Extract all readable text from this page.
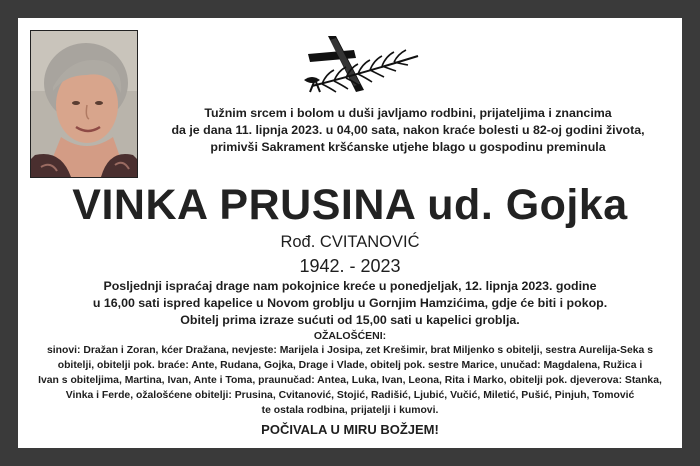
Tužnim srcem i bolom u duši javljamo rodbini, prijateljima i znancima
da je dana 11. lipnja 2023. u 04,00 sata, nakon kraće bolesti u 82-oj godini života,
primivši Sakrament kršćanske utjehe blago u gospodinu preminula
VINKA PRUSINA ud. Gojka
Rođ. CVITANOVIĆ
1942. - 2023
Posljednji ispraćaj drage nam pokojnice kreće u ponedjeljak, 12. lipnja 2023. godine
u 16,00 sati ispred kapelice u Novom groblju u Gornjim Hamzićima, gdje će biti i pokop.
Obitelj prima izraze sućuti od 15,00 sati u kapelici groblja.
OŽALOŠĆENI:
sinovi: Dražan i Zoran, kćer Dražana, nevjeste: Marijela i Josipa, zet Krešimir, brat Miljenko s obitelji, sestra Aurelija-Seka s
obitelji, obitelji pok. braće: Ante, Rudana, Gojka, Drage i Vlade, obitelj pok. sestre Marice, unučad: Magdalena, Ružica i
Ivan s obiteljima, Martina, Ivan, Ante i Toma, praunučad: Antea, Luka, Ivan, Leona, Rita i Marko, obitelji pok. djeverova: Stanka,
Vinka i Ferde, ožalošćene obitelji: Prusina, Cvitanović, Stojić, Radišić, Ljubić, Vučić, Miletić, Pušić, Pinjuh, Tomović
te ostala rodbina, prijatelji i kumovi.
POČIVALA U MIRU BOŽJEM!
